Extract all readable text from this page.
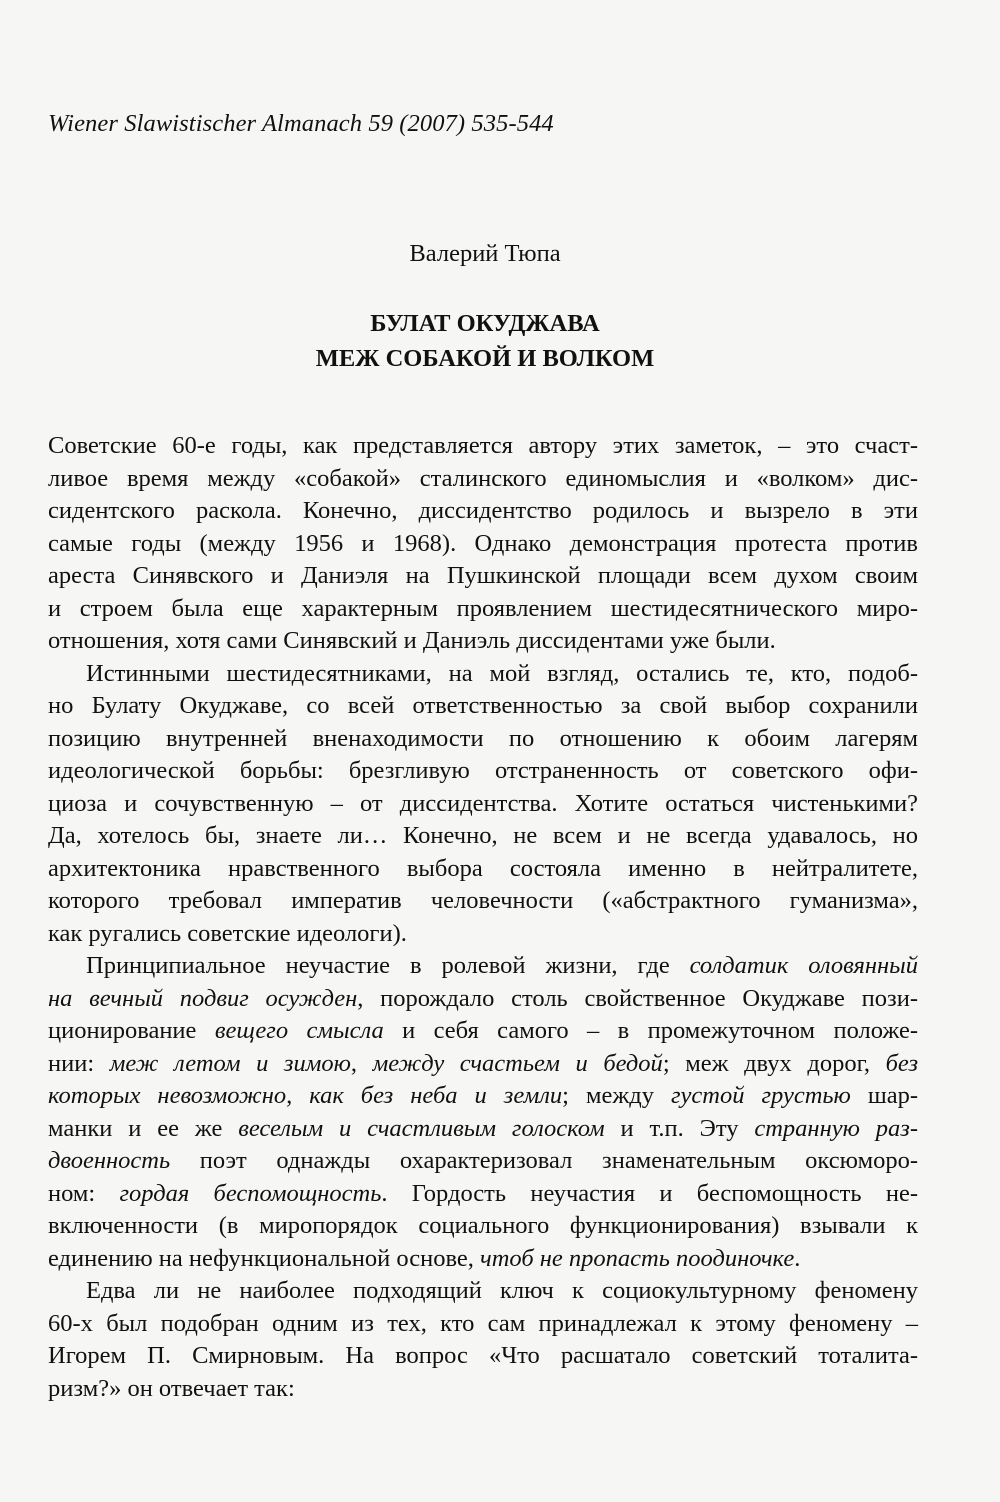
Wiener Slawistischer Almanach 59 (2007) 535-544
Валерий Тюпа
БУЛАТ ОКУДЖАВА
МЕЖ СОБАКОЙ И ВОЛКОМ
Советские 60-е годы, как представляется автору этих заметок, – это счаст-
ливое время между «собакой» сталинского единомыслия и «волком» дис-
сидентского раскола. Конечно, диссидентство родилось и вызрело в эти
самые годы (между 1956 и 1968). Однако демонстрация протеста против
ареста Синявского и Даниэля на Пушкинской площади всем духом своим
и строем была еще характерным проявлением шестидесятнического миро-
отношения, хотя сами Синявский и Даниэль диссидентами уже были.
Истинными шестидесятниками, на мой взгляд, остались те, кто, подоб-
но Булату Окуджаве, со всей ответственностью за свой выбор сохранили
позицию внутренней вненаходимости по отношению к обоим лагерям
идеологической борьбы: брезгливую отстраненность от советского офи-
циоза и сочувственную – от диссидентства. Хотите остаться чистенькими?
Да, хотелось бы, знаете ли… Конечно, не всем и не всегда удавалось, но
архитектоника нравственного выбора состояла именно в нейтралитете,
которого требовал императив человечности («абстрактного гуманизма»,
как ругались советские идеологи).
Принципиальное неучастие в ролевой жизни, где солдатик оловянный
на вечный подвиг осужден, порождало столь свойственное Окуджаве пози-
ционирование вещего смысла и себя самого – в промежуточном положе-
нии: меж летом и зимою, между счастьем и бедой; меж двух дорог, без
которых невозможно, как без неба и земли; между густой грустью шар-
манки и ее же веселым и счастливым голоском и т.п. Эту странную раз-
двоенность поэт однажды охарактеризовал знаменательным оксюмоpо-
ном: гордая беспомощность. Гордость неучастия и беспомощность не-
включенности (в миропорядок социального функционирования) взывали к
единению на нефункциональной основе, чтоб не пропасть поодиночке.
Едва ли не наиболее подходящий ключ к социокультурному феномену
60-х был подобран одним из тех, кто сам принадлежал к этому феномену –
Игорем П. Смирновым. На вопрос «Что расшатало советский тоталита-
ризм?» он отвечает так:
